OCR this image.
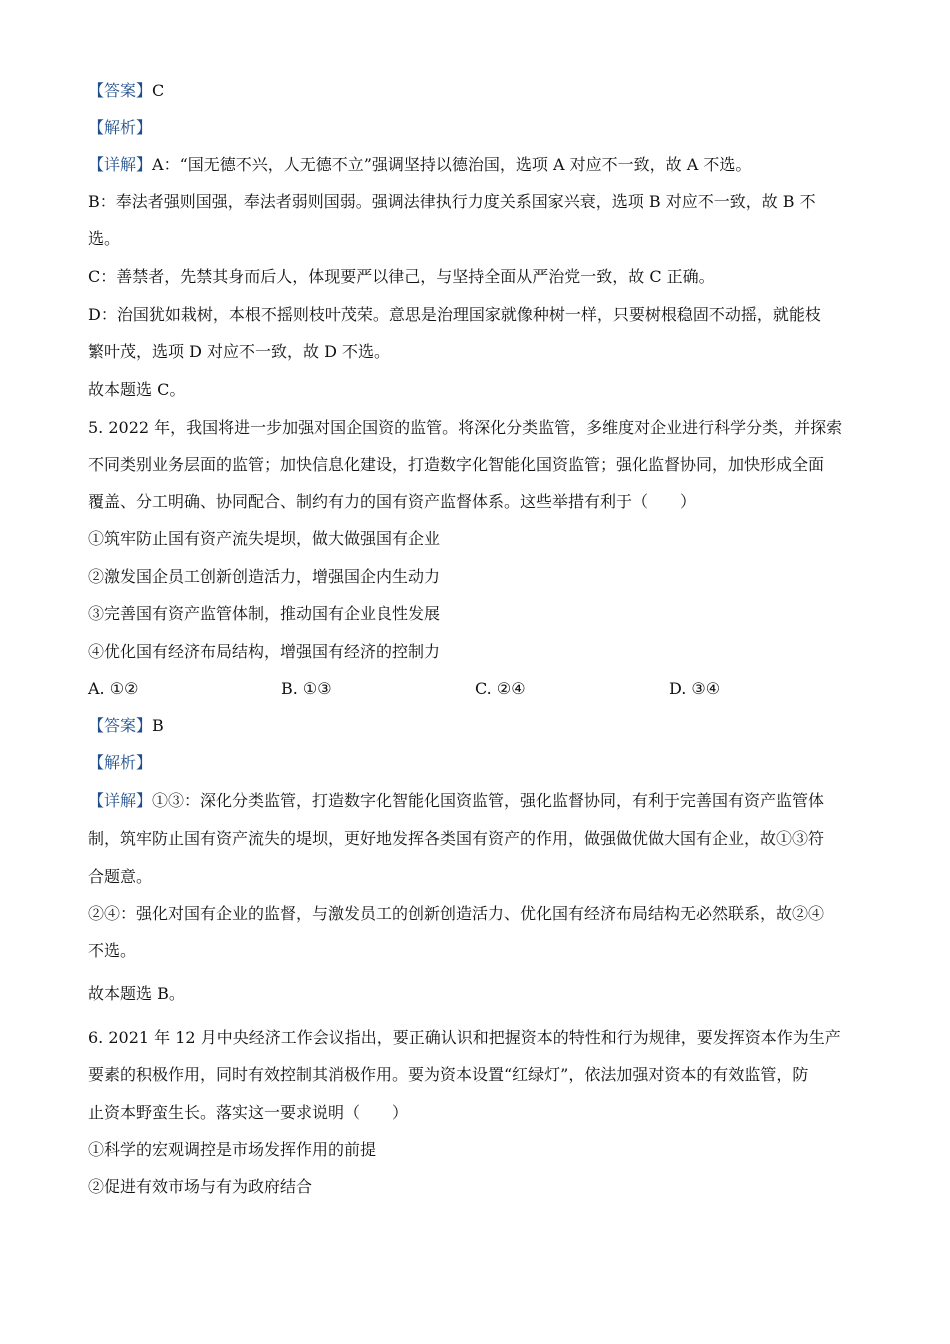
【答案】C
【解析】
【详解】A：“国无德不兴，人无德不立”强调坚持以德治国，选项 A 对应不一致，故 A 不选。
B：奉法者强则国强，奉法者弱则国弱。强调法律执行力度关系国家兴衰，选项 B 对应不一致，故 B 不
选。
C：善禁者，先禁其身而后人，体现要严以律己，与坚持全面从严治党一致，故 C 正确。
D：治国犹如栽树，本根不摇则枝叶茂荣。意思是治理国家就像种树一样，只要树根稳固不动摇，就能枝
繁叶茂，选项 D 对应不一致，故 D 不选。
故本题选 C。
5. 2022 年，我国将进一步加强对国企国资的监管。将深化分类监管，多维度对企业进行科学分类，并探索
不同类别业务层面的监管；加快信息化建设，打造数字化智能化国资监管；强化监督协同，加快形成全面
覆盖、分工明确、协同配合、制约有力的国有资产监督体系。这些举措有利于（　　）
①筑牢防止国有资产流失堤坝，做大做强国有企业
②激发国企员工创新创造活力，增强国企内生动力
③完善国有资产监管体制，推动国有企业良性发展
④优化国有经济布局结构，增强国有经济的控制力
A. ①②	B. ①③	C. ②④	D. ③④
【答案】B
【解析】
【详解】①③：深化分类监管，打造数字化智能化国资监管，强化监督协同，有利于完善国有资产监管体
制，筑牢防止国有资产流失的堤坝，更好地发挥各类国有资产的作用，做强做优做大国有企业，故①③符
合题意。
②④：强化对国有企业的监督，与激发员工的创新创造活力、优化国有经济布局结构无必然联系，故②④
不选。
故本题选 B。
6. 2021 年 12 月中央经济工作会议指出，要正确认识和把握资本的特性和行为规律，要发挥资本作为生产
要素的积极作用，同时有效控制其消极作用。要为资本设置“红绿灯”，依法加强对资本的有效监管，防
止资本野蛮生长。落实这一要求说明（　　）
①科学的宏观调控是市场发挥作用的前提
②促进有效市场与有为政府结合
